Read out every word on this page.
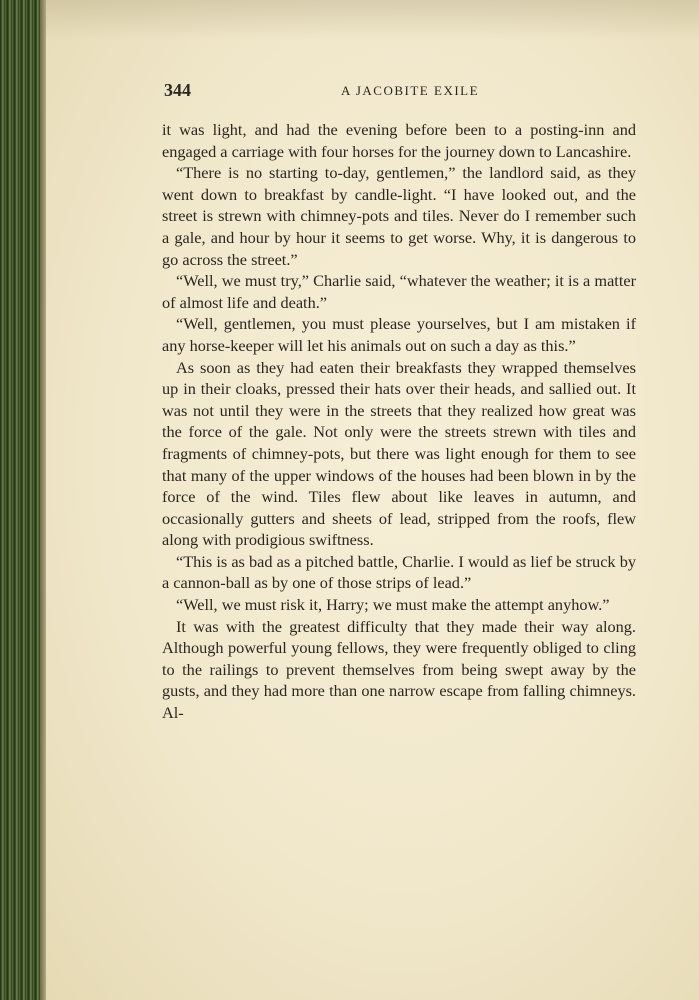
344	A JACOBITE EXILE

it was light, and had the evening before been to a posting-inn and engaged a carriage with four horses for the journey down to Lancashire.

“There is no starting to-day, gentlemen,” the landlord said, as they went down to breakfast by candle-light. “I have looked out, and the street is strewn with chimney-pots and tiles. Never do I remember such a gale, and hour by hour it seems to get worse. Why, it is dangerous to go across the street.”

“Well, we must try,” Charlie said, “whatever the weather; it is a matter of almost life and death.”

“Well, gentlemen, you must please yourselves, but I am mistaken if any horse-keeper will let his animals out on such a day as this.”

As soon as they had eaten their breakfasts they wrapped themselves up in their cloaks, pressed their hats over their heads, and sallied out. It was not until they were in the streets that they realized how great was the force of the gale. Not only were the streets strewn with tiles and fragments of chimney-pots, but there was light enough for them to see that many of the upper windows of the houses had been blown in by the force of the wind. Tiles flew about like leaves in autumn, and occasionally gutters and sheets of lead, stripped from the roofs, flew along with prodigious swiftness.

“This is as bad as a pitched battle, Charlie. I would as lief be struck by a cannon-ball as by one of those strips of lead.”

“Well, we must risk it, Harry; we must make the attempt anyhow.”

It was with the greatest difficulty that they made their way along. Although powerful young fellows, they were frequently obliged to cling to the railings to prevent themselves from being swept away by the gusts, and they had more than one narrow escape from falling chimneys. Al-
